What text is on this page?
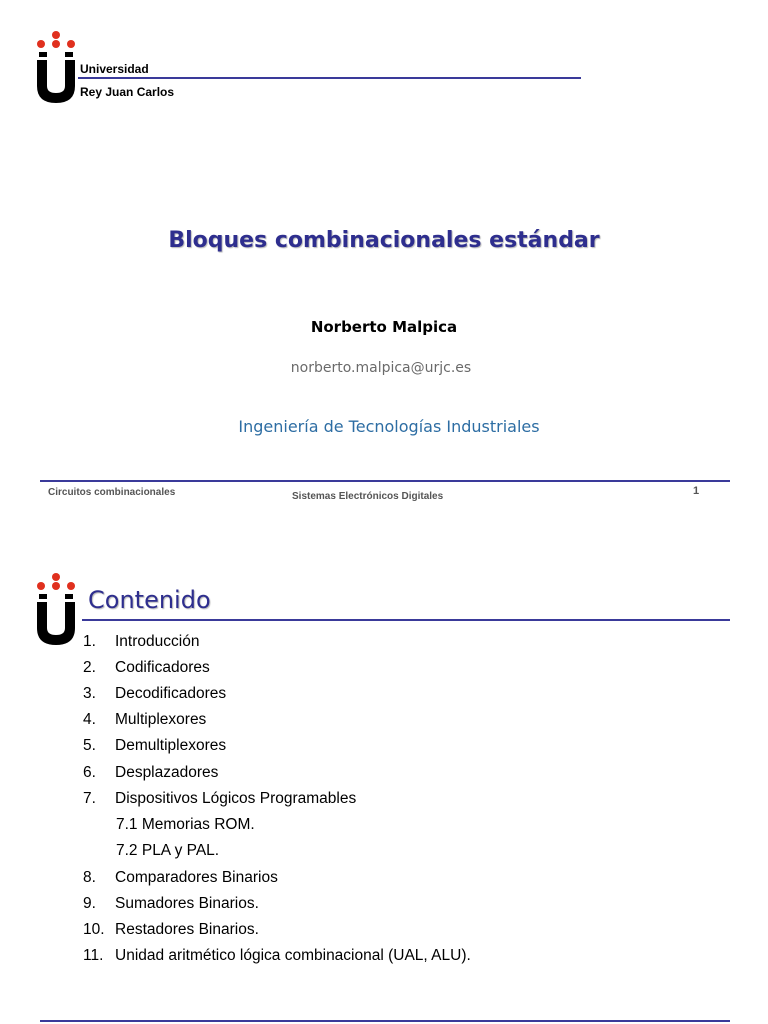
Universidad
Rey Juan Carlos
Bloques combinacionales estándar
Norberto Malpica
norberto.malpica@urjc.es
Ingeniería de Tecnologías Industriales
Circuitos combinacionales	Sistemas Electrónicos Digitales	1
Contenido
1. Introducción
2. Codificadores
3. Decodificadores
4. Multiplexores
5. Demultiplexores
6. Desplazadores
7. Dispositivos Lógicos Programables
7.1 Memorias ROM.
7.2 PLA y PAL.
8. Comparadores Binarios
9. Sumadores Binarios.
10. Restadores Binarios.
11. Unidad aritmético lógica combinacional (UAL, ALU).
